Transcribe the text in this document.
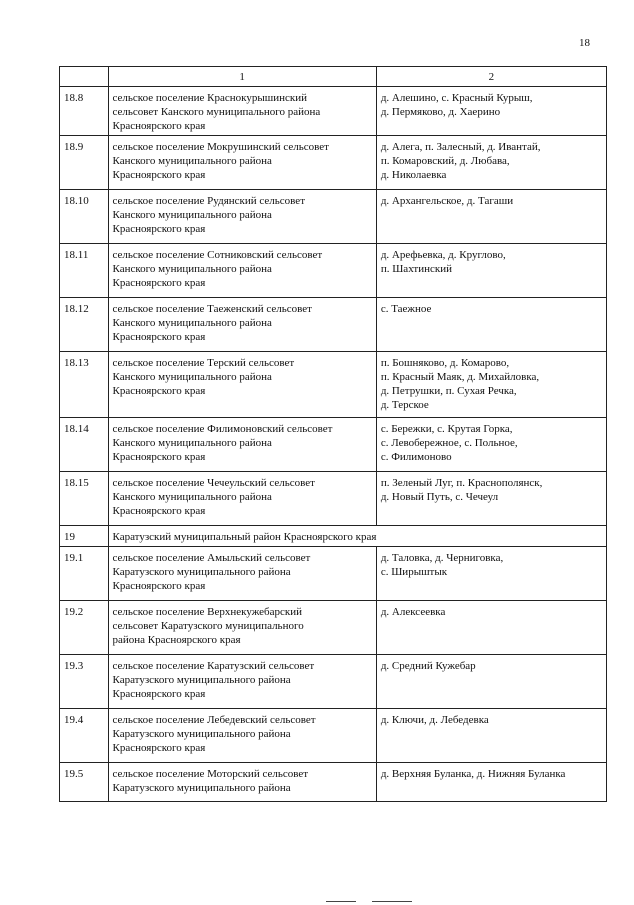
18
	1	2
18.8	сельское поселение Краснокурышинский
сельсовет Канского муниципального района
Красноярского края	д. Алешино, с. Красный Курыш,
д. Пермяково, д. Хаерино
18.9	сельское поселение Мокрушинский сельсовет
Канского муниципального района
Красноярского края	д. Алега, п. Залесный, д. Ивантай,
п. Комаровский, д. Любава,
д. Николаевка
18.10	сельское поселение Рудянский сельсовет
Канского муниципального района
Красноярского края	д. Архангельское, д. Тагаши
18.11	сельское поселение Сотниковский сельсовет
Канского муниципального района
Красноярского края	д. Арефьевка, д. Круглово,
п. Шахтинский
18.12	сельское поселение Таеженский сельсовет
Канского муниципального района
Красноярского края	с. Таежное
18.13	сельское поселение Терский сельсовет
Канского муниципального района
Красноярского края	п. Бошняково, д. Комарово,
п. Красный Маяк, д. Михайловка,
д. Петрушки, п. Сухая Речка,
д. Терское
18.14	сельское поселение Филимоновский сельсовет
Канского муниципального района
Красноярского края	с. Бережки, с. Крутая Горка,
с. Левобережное, с. Польное,
с. Филимоново
18.15	сельское поселение Чечеульский сельсовет
Канского муниципального района
Красноярского края	п. Зеленый Луг, п. Краснополянск,
д. Новый Путь, с. Чечеул
19	Каратузский муниципальный район Красноярского края	
19.1	сельское поселение Амыльский сельсовет
Каратузского муниципального района
Красноярского края	д. Таловка, д. Черниговка,
с. Ширыштык
19.2	сельское поселение Верхнекужебарский
сельсовет Каратузского муниципального
района Красноярского края	д. Алексеевка
19.3	сельское поселение Каратузский сельсовет
Каратузского муниципального района
Красноярского края	д. Средний Кужебар
19.4	сельское поселение Лебедевский сельсовет
Каратузского муниципального района
Красноярского края	д. Ключи, д. Лебедевка
19.5	сельское поселение Моторский сельсовет
Каратузского муниципального района	д. Верхняя Буланка, д. Нижняя Буланка
